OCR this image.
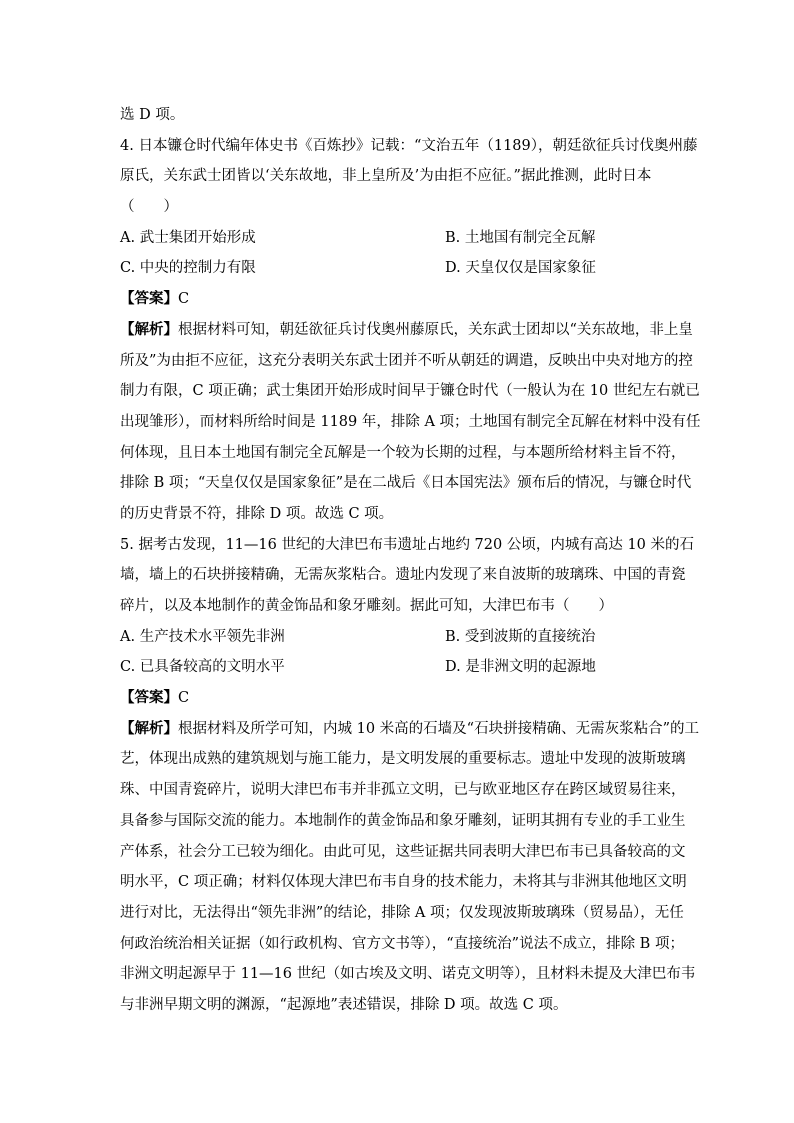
选 D 项。
4. 日本镰仓时代编年体史书《百炼抄》记载：“文治五年（1189），朝廷欲征兵讨伐奥州藤
原氏，关东武士团皆以‘关东故地，非上皇所及’为由拒不应征。”据此推测，此时日本
（　　）
A. 武士集团开始形成	B. 土地国有制完全瓦解
C. 中央的控制力有限	D. 天皇仅仅是国家象征
【答案】C
【解析】根据材料可知，朝廷欲征兵讨伐奥州藤原氏，关东武士团却以“关东故地，非上皇
所及”为由拒不应征，这充分表明关东武士团并不听从朝廷的调遣，反映出中央对地方的控
制力有限，C 项正确；武士集团开始形成时间早于镰仓时代（一般认为在 10 世纪左右就已
出现雏形），而材料所给时间是 1189 年，排除 A 项；土地国有制完全瓦解在材料中没有任
何体现，且日本土地国有制完全瓦解是一个较为长期的过程，与本题所给材料主旨不符，
排除 B 项；“天皇仅仅是国家象征”是在二战后《日本国宪法》颁布后的情况，与镰仓时代
的历史背景不符，排除 D 项。故选 C 项。
5. 据考古发现，11—16 世纪的大津巴布韦遗址占地约 720 公顷，内城有高达 10 米的石
墙，墙上的石块拼接精确，无需灰浆粘合。遗址内发现了来自波斯的玻璃珠、中国的青瓷
碎片，以及本地制作的黄金饰品和象牙雕刻。据此可知，大津巴布韦（　　）
A. 生产技术水平领先非洲	B. 受到波斯的直接统治
C. 已具备较高的文明水平	D. 是非洲文明的起源地
【答案】C
【解析】根据材料及所学可知，内城 10 米高的石墙及“石块拼接精确、无需灰浆粘合”的工
艺，体现出成熟的建筑规划与施工能力，是文明发展的重要标志。遗址中发现的波斯玻璃
珠、中国青瓷碎片，说明大津巴布韦并非孤立文明，已与欧亚地区存在跨区域贸易往来，
具备参与国际交流的能力。本地制作的黄金饰品和象牙雕刻，证明其拥有专业的手工业生
产体系，社会分工已较为细化。由此可见，这些证据共同表明大津巴布韦已具备较高的文
明水平，C 项正确；材料仅体现大津巴布韦自身的技术能力，未将其与非洲其他地区文明
进行对比，无法得出“领先非洲”的结论，排除 A 项；仅发现波斯玻璃珠（贸易品），无任
何政治统治相关证据（如行政机构、官方文书等），“直接统治”说法不成立，排除 B 项；
非洲文明起源早于 11—16 世纪（如古埃及文明、诺克文明等），且材料未提及大津巴布韦
与非洲早期文明的渊源，“起源地”表述错误，排除 D 项。故选 C 项。
